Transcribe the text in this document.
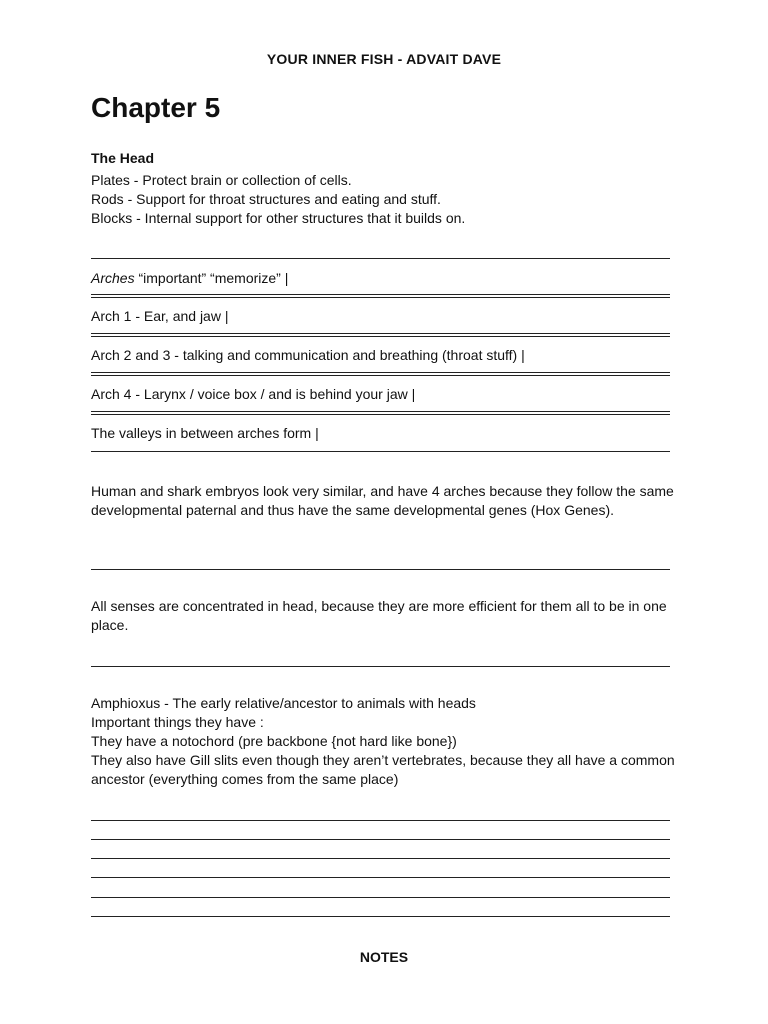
YOUR INNER FISH - ADVAIT DAVE
Chapter 5
The Head
Plates - Protect brain or collection of cells.
Rods - Support for throat structures and eating and stuff.
Blocks - Internal support for other structures that it builds on.
Arches “important” “memorize” |
Arch 1 - Ear, and jaw |
Arch 2 and 3 - talking and communication and breathing (throat stuff) |
Arch 4 - Larynx / voice box / and is behind your jaw |
The valleys in between arches form |
Human and shark embryos look very similar, and have 4 arches because they follow the same developmental paternal and thus have the same developmental genes (Hox Genes).
All senses are concentrated in head, because they are more efficient for them all to be in one place.
Amphioxus - The early relative/ancestor to animals with heads
Important things they have :
They have a notochord (pre backbone {not hard like bone})
They also have Gill slits even though they aren’t vertebrates, because they all have a common ancestor (everything comes from the same place)
NOTES
